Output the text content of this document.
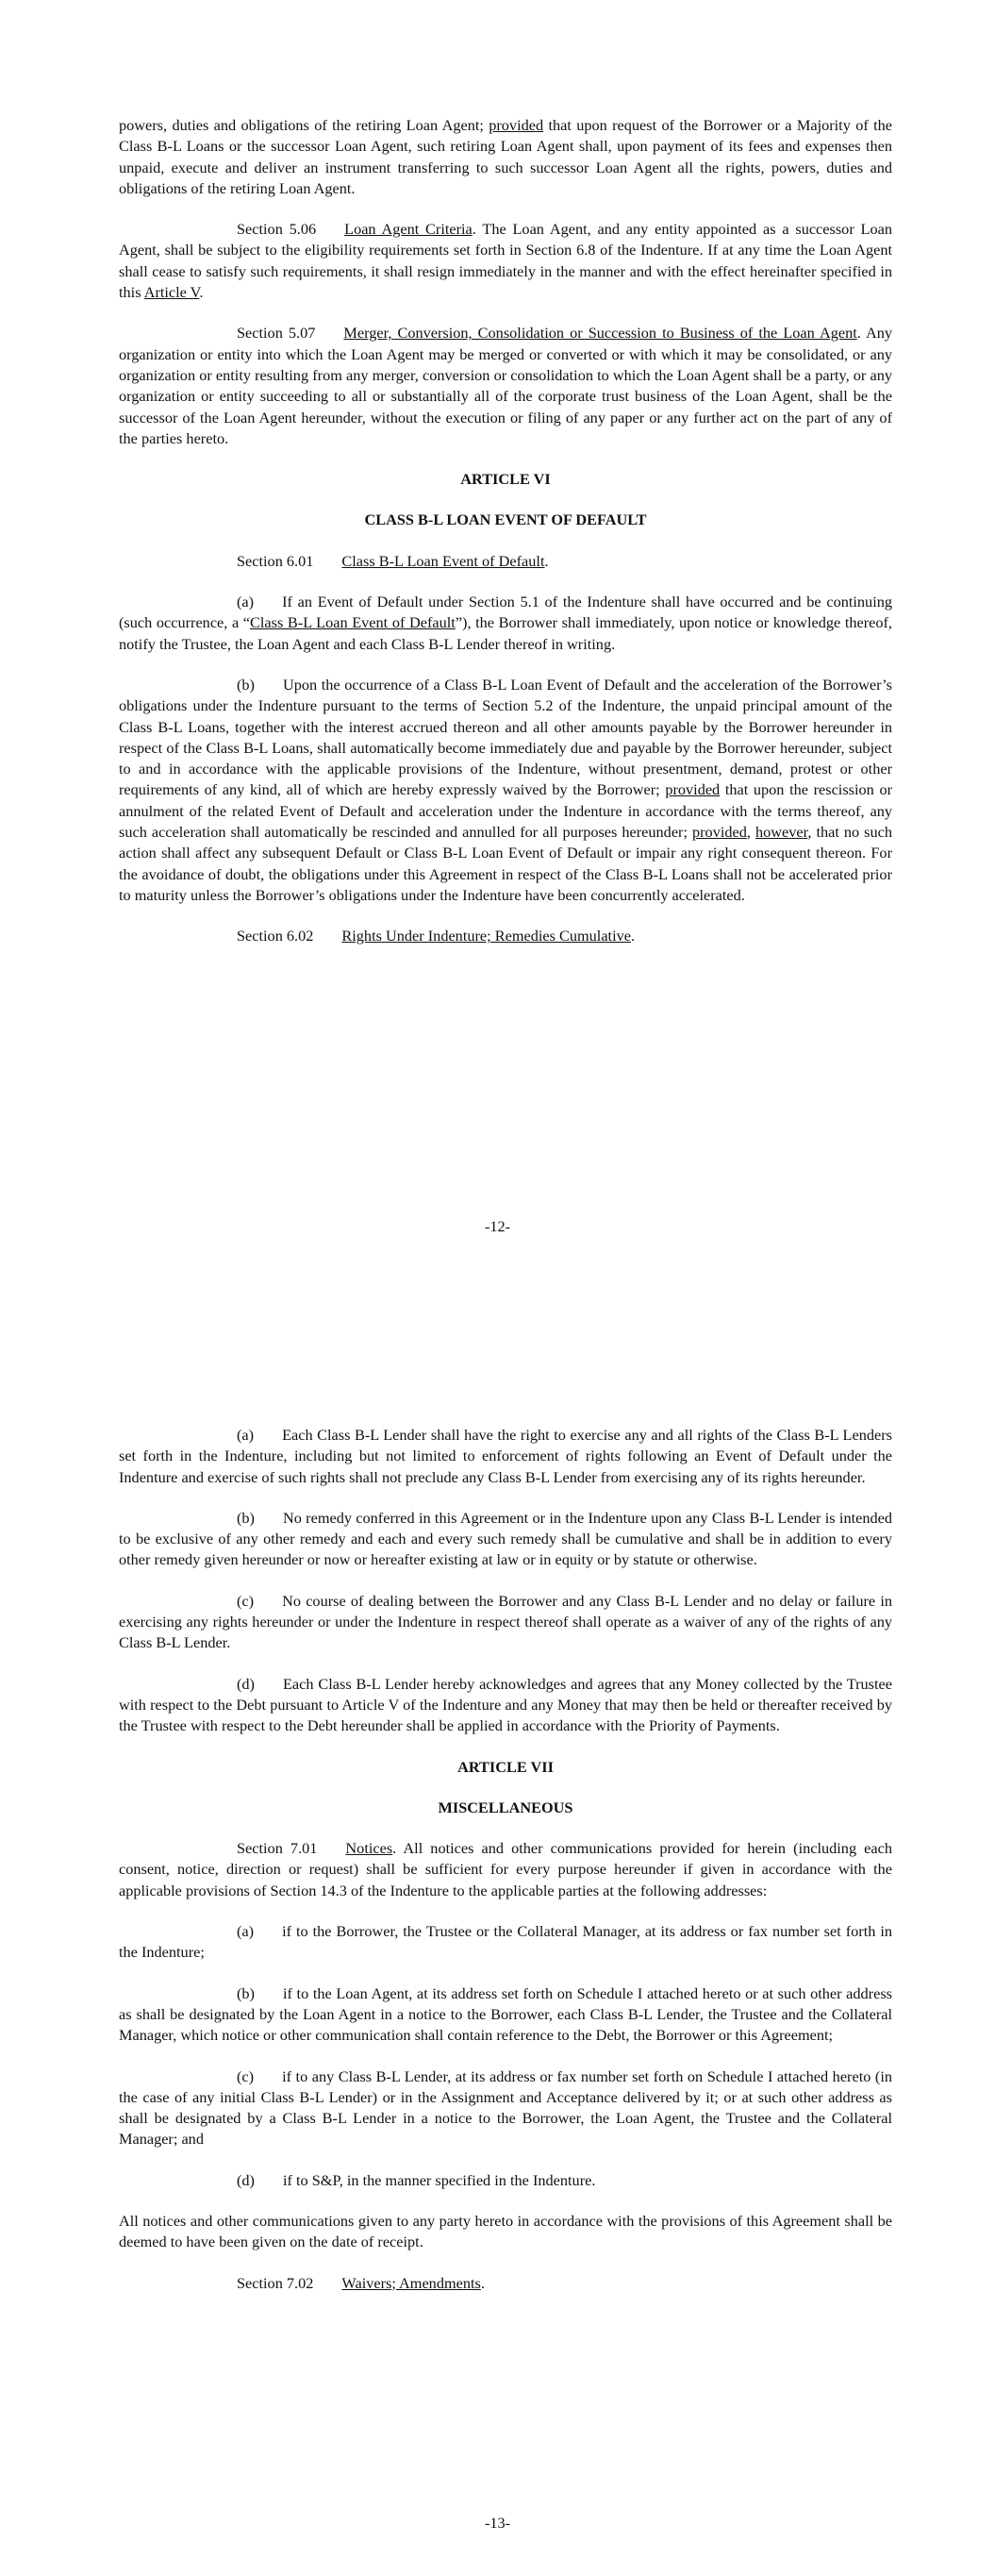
powers, duties and obligations of the retiring Loan Agent; provided that upon request of the Borrower or a Majority of the Class B-L Loans or the successor Loan Agent, such retiring Loan Agent shall, upon payment of its fees and expenses then unpaid, execute and deliver an instrument transferring to such successor Loan Agent all the rights, powers, duties and obligations of the retiring Loan Agent.

Section 5.06 Loan Agent Criteria. The Loan Agent, and any entity appointed as a successor Loan Agent, shall be subject to the eligibility requirements set forth in Section 6.8 of the Indenture. If at any time the Loan Agent shall cease to satisfy such requirements, it shall resign immediately in the manner and with the effect hereinafter specified in this Article V.

Section 5.07 Merger, Conversion, Consolidation or Succession to Business of the Loan Agent. Any organization or entity into which the Loan Agent may be merged or converted or with which it may be consolidated, or any organization or entity resulting from any merger, conversion or consolidation to which the Loan Agent shall be a party, or any organization or entity succeeding to all or substantially all of the corporate trust business of the Loan Agent, shall be the successor of the Loan Agent hereunder, without the execution or filing of any paper or any further act on the part of any of the parties hereto.

ARTICLE VI
CLASS B-L LOAN EVENT OF DEFAULT

Section 6.01 Class B-L Loan Event of Default.

(a) If an Event of Default under Section 5.1 of the Indenture shall have occurred and be continuing (such occurrence, a “Class B-L Loan Event of Default”), the Borrower shall immediately, upon notice or knowledge thereof, notify the Trustee, the Loan Agent and each Class B-L Lender thereof in writing.

(b) Upon the occurrence of a Class B-L Loan Event of Default and the acceleration of the Borrower’s obligations under the Indenture pursuant to the terms of Section 5.2 of the Indenture, the unpaid principal amount of the Class B-L Loans, together with the interest accrued thereon and all other amounts payable by the Borrower hereunder in respect of the Class B-L Loans, shall automatically become immediately due and payable by the Borrower hereunder, subject to and in accordance with the applicable provisions of the Indenture, without presentment, demand, protest or other requirements of any kind, all of which are hereby expressly waived by the Borrower; provided that upon the rescission or annulment of the related Event of Default and acceleration under the Indenture in accordance with the terms thereof, any such acceleration shall automatically be rescinded and annulled for all purposes hereunder; provided, however, that no such action shall affect any subsequent Default or Class B-L Loan Event of Default or impair any right consequent thereon. For the avoidance of doubt, the obligations under this Agreement in respect of the Class B-L Loans shall not be accelerated prior to maturity unless the Borrower’s obligations under the Indenture have been concurrently accelerated.

Section 6.02 Rights Under Indenture; Remedies Cumulative.

-12-

(a) Each Class B-L Lender shall have the right to exercise any and all rights of the Class B-L Lenders set forth in the Indenture, including but not limited to enforcement of rights following an Event of Default under the Indenture and exercise of such rights shall not preclude any Class B-L Lender from exercising any of its rights hereunder.

(b) No remedy conferred in this Agreement or in the Indenture upon any Class B-L Lender is intended to be exclusive of any other remedy and each and every such remedy shall be cumulative and shall be in addition to every other remedy given hereunder or now or hereafter existing at law or in equity or by statute or otherwise.

(c) No course of dealing between the Borrower and any Class B-L Lender and no delay or failure in exercising any rights hereunder or under the Indenture in respect thereof shall operate as a waiver of any of the rights of any Class B-L Lender.

(d) Each Class B-L Lender hereby acknowledges and agrees that any Money collected by the Trustee with respect to the Debt pursuant to Article V of the Indenture and any Money that may then be held or thereafter received by the Trustee with respect to the Debt hereunder shall be applied in accordance with the Priority of Payments.

ARTICLE VII
MISCELLANEOUS

Section 7.01 Notices. All notices and other communications provided for herein (including each consent, notice, direction or request) shall be sufficient for every purpose hereunder if given in accordance with the applicable provisions of Section 14.3 of the Indenture to the applicable parties at the following addresses:

(a) if to the Borrower, the Trustee or the Collateral Manager, at its address or fax number set forth in the Indenture;

(b) if to the Loan Agent, at its address set forth on Schedule I attached hereto or at such other address as shall be designated by the Loan Agent in a notice to the Borrower, each Class B-L Lender, the Trustee and the Collateral Manager, which notice or other communication shall contain reference to the Debt, the Borrower or this Agreement;

(c) if to any Class B-L Lender, at its address or fax number set forth on Schedule I attached hereto (in the case of any initial Class B-L Lender) or in the Assignment and Acceptance delivered by it; or at such other address as shall be designated by a Class B-L Lender in a notice to the Borrower, the Loan Agent, the Trustee and the Collateral Manager; and

(d) if to S&P, in the manner specified in the Indenture.

All notices and other communications given to any party hereto in accordance with the provisions of this Agreement shall be deemed to have been given on the date of receipt.

Section 7.02 Waivers; Amendments.

-13-
